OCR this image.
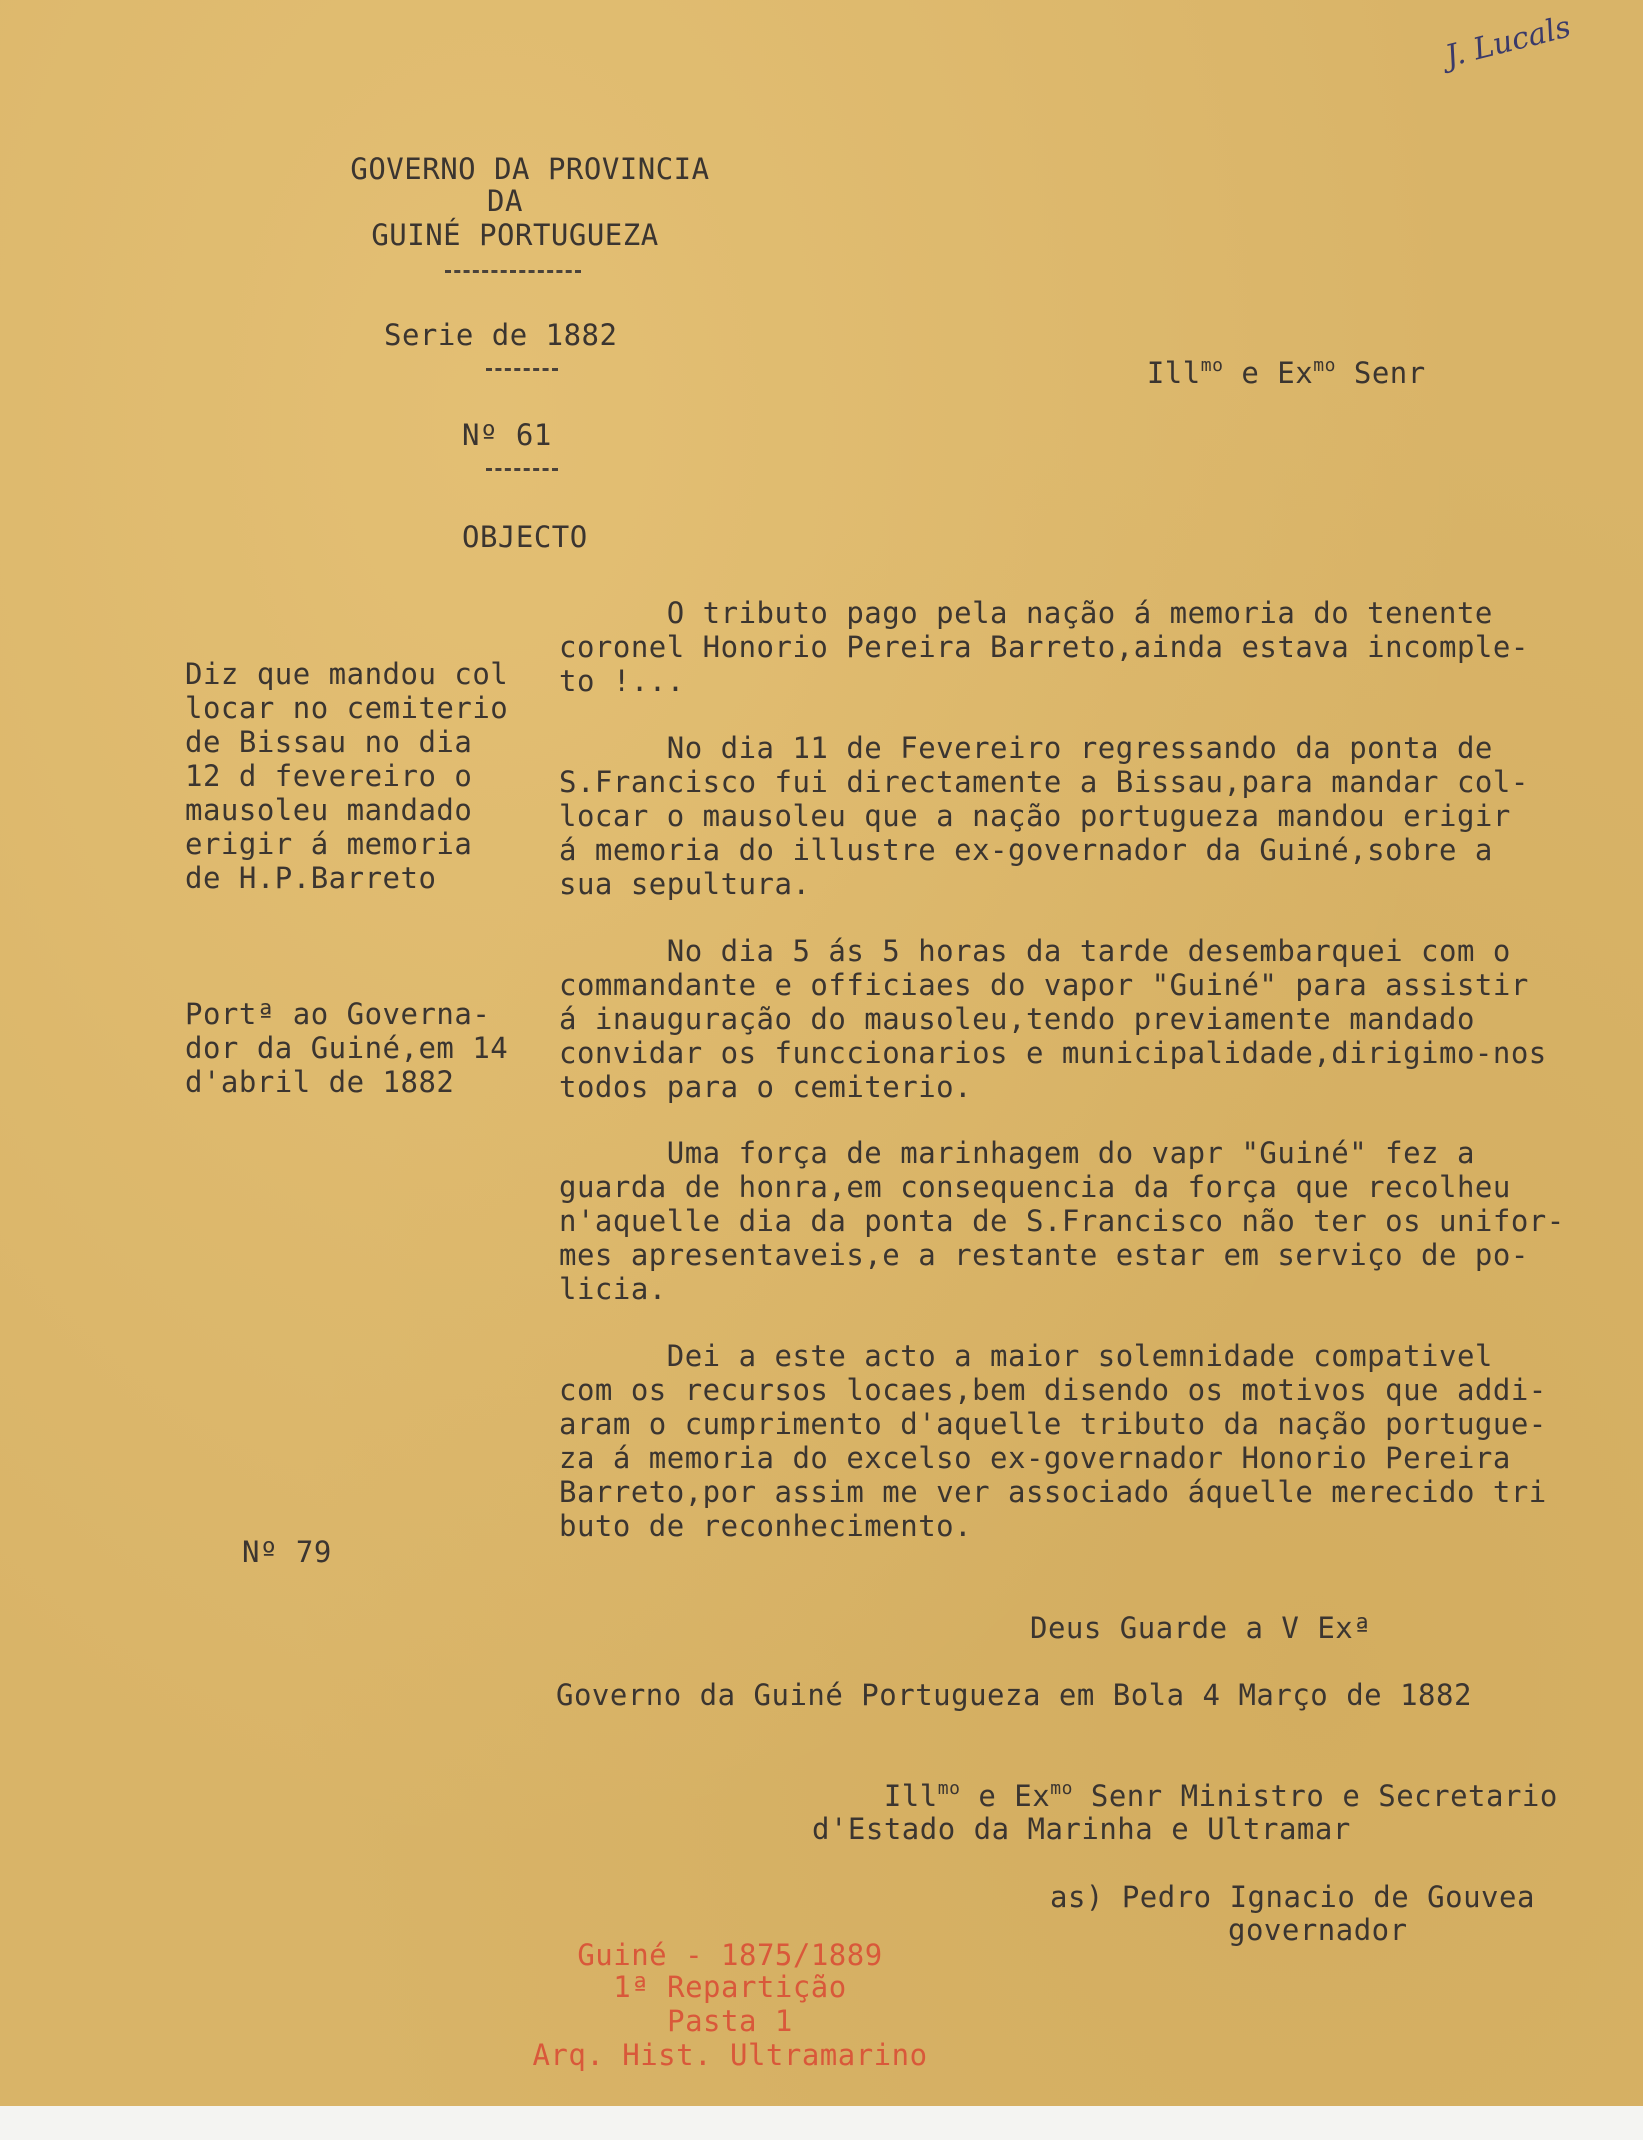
J. Lucals
GOVERNO DA PROVINCIA
DA
GUINÉ PORTUGUEZA
Serie de 1882

Ill$^{mo}$ e $Ex^{mo}$ Senr

Nº 61
OBJECTO
Diz que mandou col
locar no cemiterio
de Bissau no dia
12 d fevereiro o
mausoleu mandado
erigir á memoria
de H.P.Barreto
Portª ao Governa-
dor da Guiné,em 14
d'abril de 1882
Nº 79
O tributo pago pela nação á memoria do tenente
coronel Honorio Pereira Barreto,ainda estava incomple-
to !...
No dia 11 de Fevereiro regressando da ponta de
S.Francisco fui directamente a Bissau,para mandar col-
locar o mausoleu que a nação portugueza mandou erigir
á memoria do illustre ex-governador da Guiné,sobre a
sua sepultura.
No dia 5 ás 5 horas da tarde desembarquei com o
commandante e officiaes do vapor "Guiné" para assistir
á inauguração do mausoleu,tendo previamente mandado
convidar os funccionarios e municipalidade,dirigimo-nos
todos para o cemiterio.
Uma força de marinhagem do vapr "Guiné" fez a
guarda de honra,em consequencia da força que recolheu
n'aquelle dia da ponta de S.Francisco não ter os unifor-
mes apresentaveis,e a restante estar em serviço de po-
licia.
Dei a este acto a maior solemnidade compativel
com os recursos locaes,bem disendo os motivos que addi-
aram o cumprimento d'aquelle tributo da nação portugue-
za á memoria do excelso ex-governador Honorio Pereira
Barreto,por assim me ver associado áquelle merecido tri
buto de reconhecimento.
Deus Guarde a V Exª
Governo da Guiné Portugueza em Bola 4 Março de 1882

Ill$^{mo}$ e $Ex^{mo}$ Senr Ministro e Secretario

d'Estado da Marinha e Ultramar
as) Pedro Ignacio de Gouvea
governador
Guiné - 1875/1889
1ª Repartição
Pasta 1
Arq. Hist. Ultramarino
